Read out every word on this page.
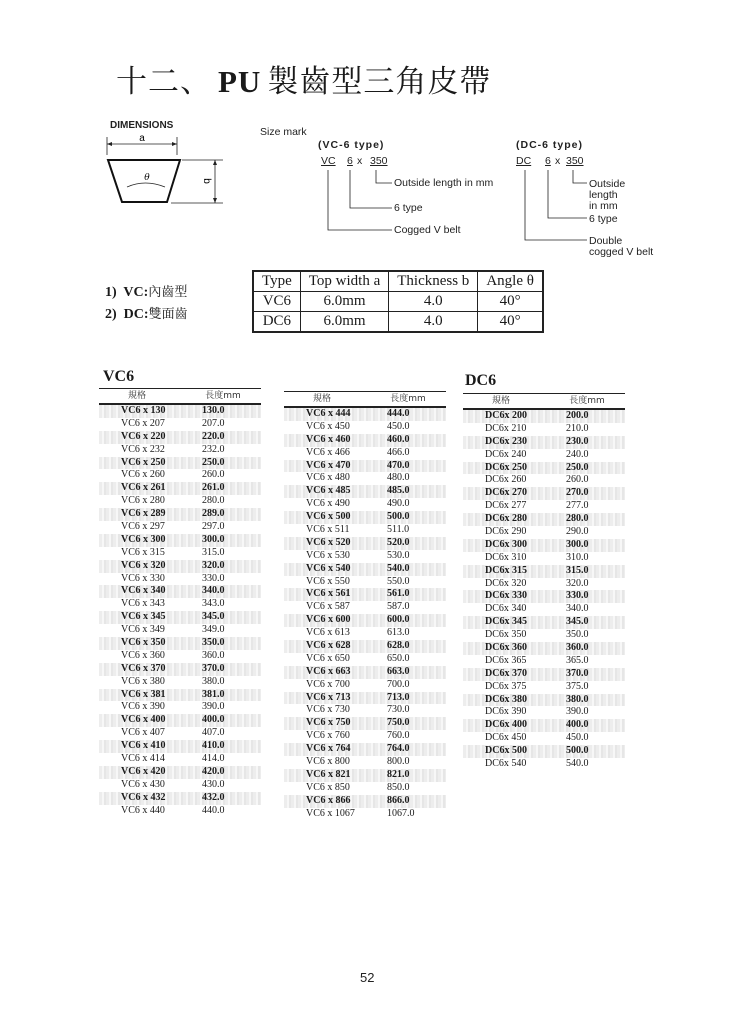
十二、 PU 製齒型三角皮帶
DIMENSIONS
a
θ	b
Size mark
(VC-6 type)
VC 6 x 350
Outside length in mm
6 type
Cogged V belt
(DC-6 type)
DC 6 x 350
Outside
length
in mm
6 type
Double
cogged V belt
1) VC:內齒型
2) DC:雙面齒
Type	Top width a	Thickness b	Angle θ
VC6	6.0mm	4.0	40°
DC6	6.0mm	4.0	40°
VC6
規格	長度mm
VC6 x 130	130.0
VC6 x 207	207.0
VC6 x 220	220.0
VC6 x 232	232.0
VC6 x 250	250.0
VC6 x 260	260.0
VC6 x 261	261.0
VC6 x 280	280.0
VC6 x 289	289.0
VC6 x 297	297.0
VC6 x 300	300.0
VC6 x 315	315.0
VC6 x 320	320.0
VC6 x 330	330.0
VC6 x 340	340.0
VC6 x 343	343.0
VC6 x 345	345.0
VC6 x 349	349.0
VC6 x 350	350.0
VC6 x 360	360.0
VC6 x 370	370.0
VC6 x 380	380.0
VC6 x 381	381.0
VC6 x 390	390.0
VC6 x 400	400.0
VC6 x 407	407.0
VC6 x 410	410.0
VC6 x 414	414.0
VC6 x 420	420.0
VC6 x 430	430.0
VC6 x 432	432.0
VC6 x 440	440.0
規格	長度mm
VC6 x 444	444.0
VC6 x 450	450.0
VC6 x 460	460.0
VC6 x 466	466.0
VC6 x 470	470.0
VC6 x 480	480.0
VC6 x 485	485.0
VC6 x 490	490.0
VC6 x 500	500.0
VC6 x 511	511.0
VC6 x 520	520.0
VC6 x 530	530.0
VC6 x 540	540.0
VC6 x 550	550.0
VC6 x 561	561.0
VC6 x 587	587.0
VC6 x 600	600.0
VC6 x 613	613.0
VC6 x 628	628.0
VC6 x 650	650.0
VC6 x 663	663.0
VC6 x 700	700.0
VC6 x 713	713.0
VC6 x 730	730.0
VC6 x 750	750.0
VC6 x 760	760.0
VC6 x 764	764.0
VC6 x 800	800.0
VC6 x 821	821.0
VC6 x 850	850.0
VC6 x 866	866.0
VC6 x 1067	1067.0
DC6
規格	長度mm
DC6x 200	200.0
DC6x 210	210.0
DC6x 230	230.0
DC6x 240	240.0
DC6x 250	250.0
DC6x 260	260.0
DC6x 270	270.0
DC6x 277	277.0
DC6x 280	280.0
DC6x 290	290.0
DC6x 300	300.0
DC6x 310	310.0
DC6x 315	315.0
DC6x 320	320.0
DC6x 330	330.0
DC6x 340	340.0
DC6x 345	345.0
DC6x 350	350.0
DC6x 360	360.0
DC6x 365	365.0
DC6x 370	370.0
DC6x 375	375.0
DC6x 380	380.0
DC6x 390	390.0
DC6x 400	400.0
DC6x 450	450.0
DC6x 500	500.0
DC6x 540	540.0
52
